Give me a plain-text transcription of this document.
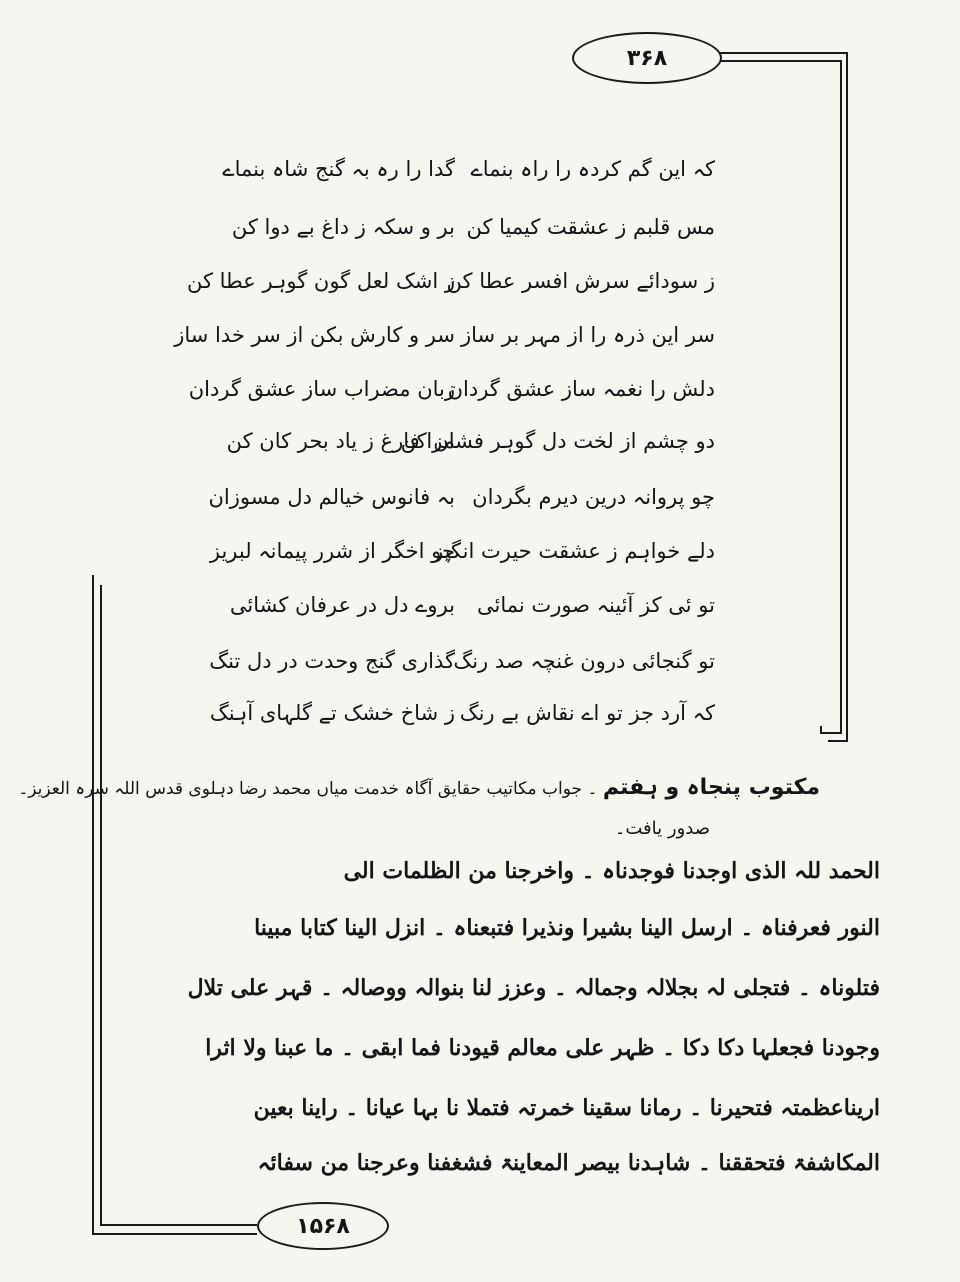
۳۶۸
۱۵۶۸
کہ این گم کردہ را راہ بنماے
گدا را رہ بہ گنج شاہ بنماے
مس قلبم ز عشقت کیمیا کن
بر و سکہ ز داغ بے دوا کن
ز سودائے سرش افسر عطا کن
ز اشک لعل گون گوہر عطا کن
سر این ذرہ را از مہر بر ساز
سر و کارش بکن از سر خدا ساز
دلش را نغمہ ساز عشق گردان
زبان مضراب ساز عشق گردان
دو چشم از لخت دل گوہر فشان کن
مرا فارغ ز یاد بحر کان کن
چو پروانہ درین دیرم بگردان
بہ فانوس خیالم دل مسوزان
دلے خواہم ز عشقت حیرت انگیز
چو اخگر از شرر پیمانہ لبریز
تو ئی کز آئینہ صورت نمائی
بروے دل در عرفان کشائی
تو گنجائی درون غنچہ صد رنگ
گذاری گنج وحدت در دل تنگ
کہ آرد جز تو اے نقاش بے رنگ
ز شاخ خشک تے گلہای آہنگ
مکتوب پنجاہ و ہفتم ۔ جواب مکاتیب حقایق آگاہ خدمت میاں محمد رضا دہلوی قدس اللہ سرہ العزیز۔
صدور یافت۔
الحمد للہ الذی اوجدنا فوجدناہ ۔ واخرجنا من الظلمات الی
النور فعرفناہ ۔ ارسل الینا بشیرا ونذیرا فتبعناہ ۔ انزل الینا کتابا مبینا
فتلوناہ ۔ فتجلی لہ بجلالہ وجمالہ ۔ وعزز لنا بنوالہ ووصالہ ۔ قہر علی تلال
وجودنا فجعلہا دکا دکا ۔ ظہر علی معالم قیودنا فما ابقی ۔ ما عبنا ولا اثرا
اریناعظمتہ فتحیرنا ۔ رمانا سقینا خمرتہ فتملا نا بہا عیانا ۔ راینا بعین
المکاشفۃ فتحققنا ۔ شاہدنا بیصر المعاینۃ فشغفنا وعرجنا من سفائہ
